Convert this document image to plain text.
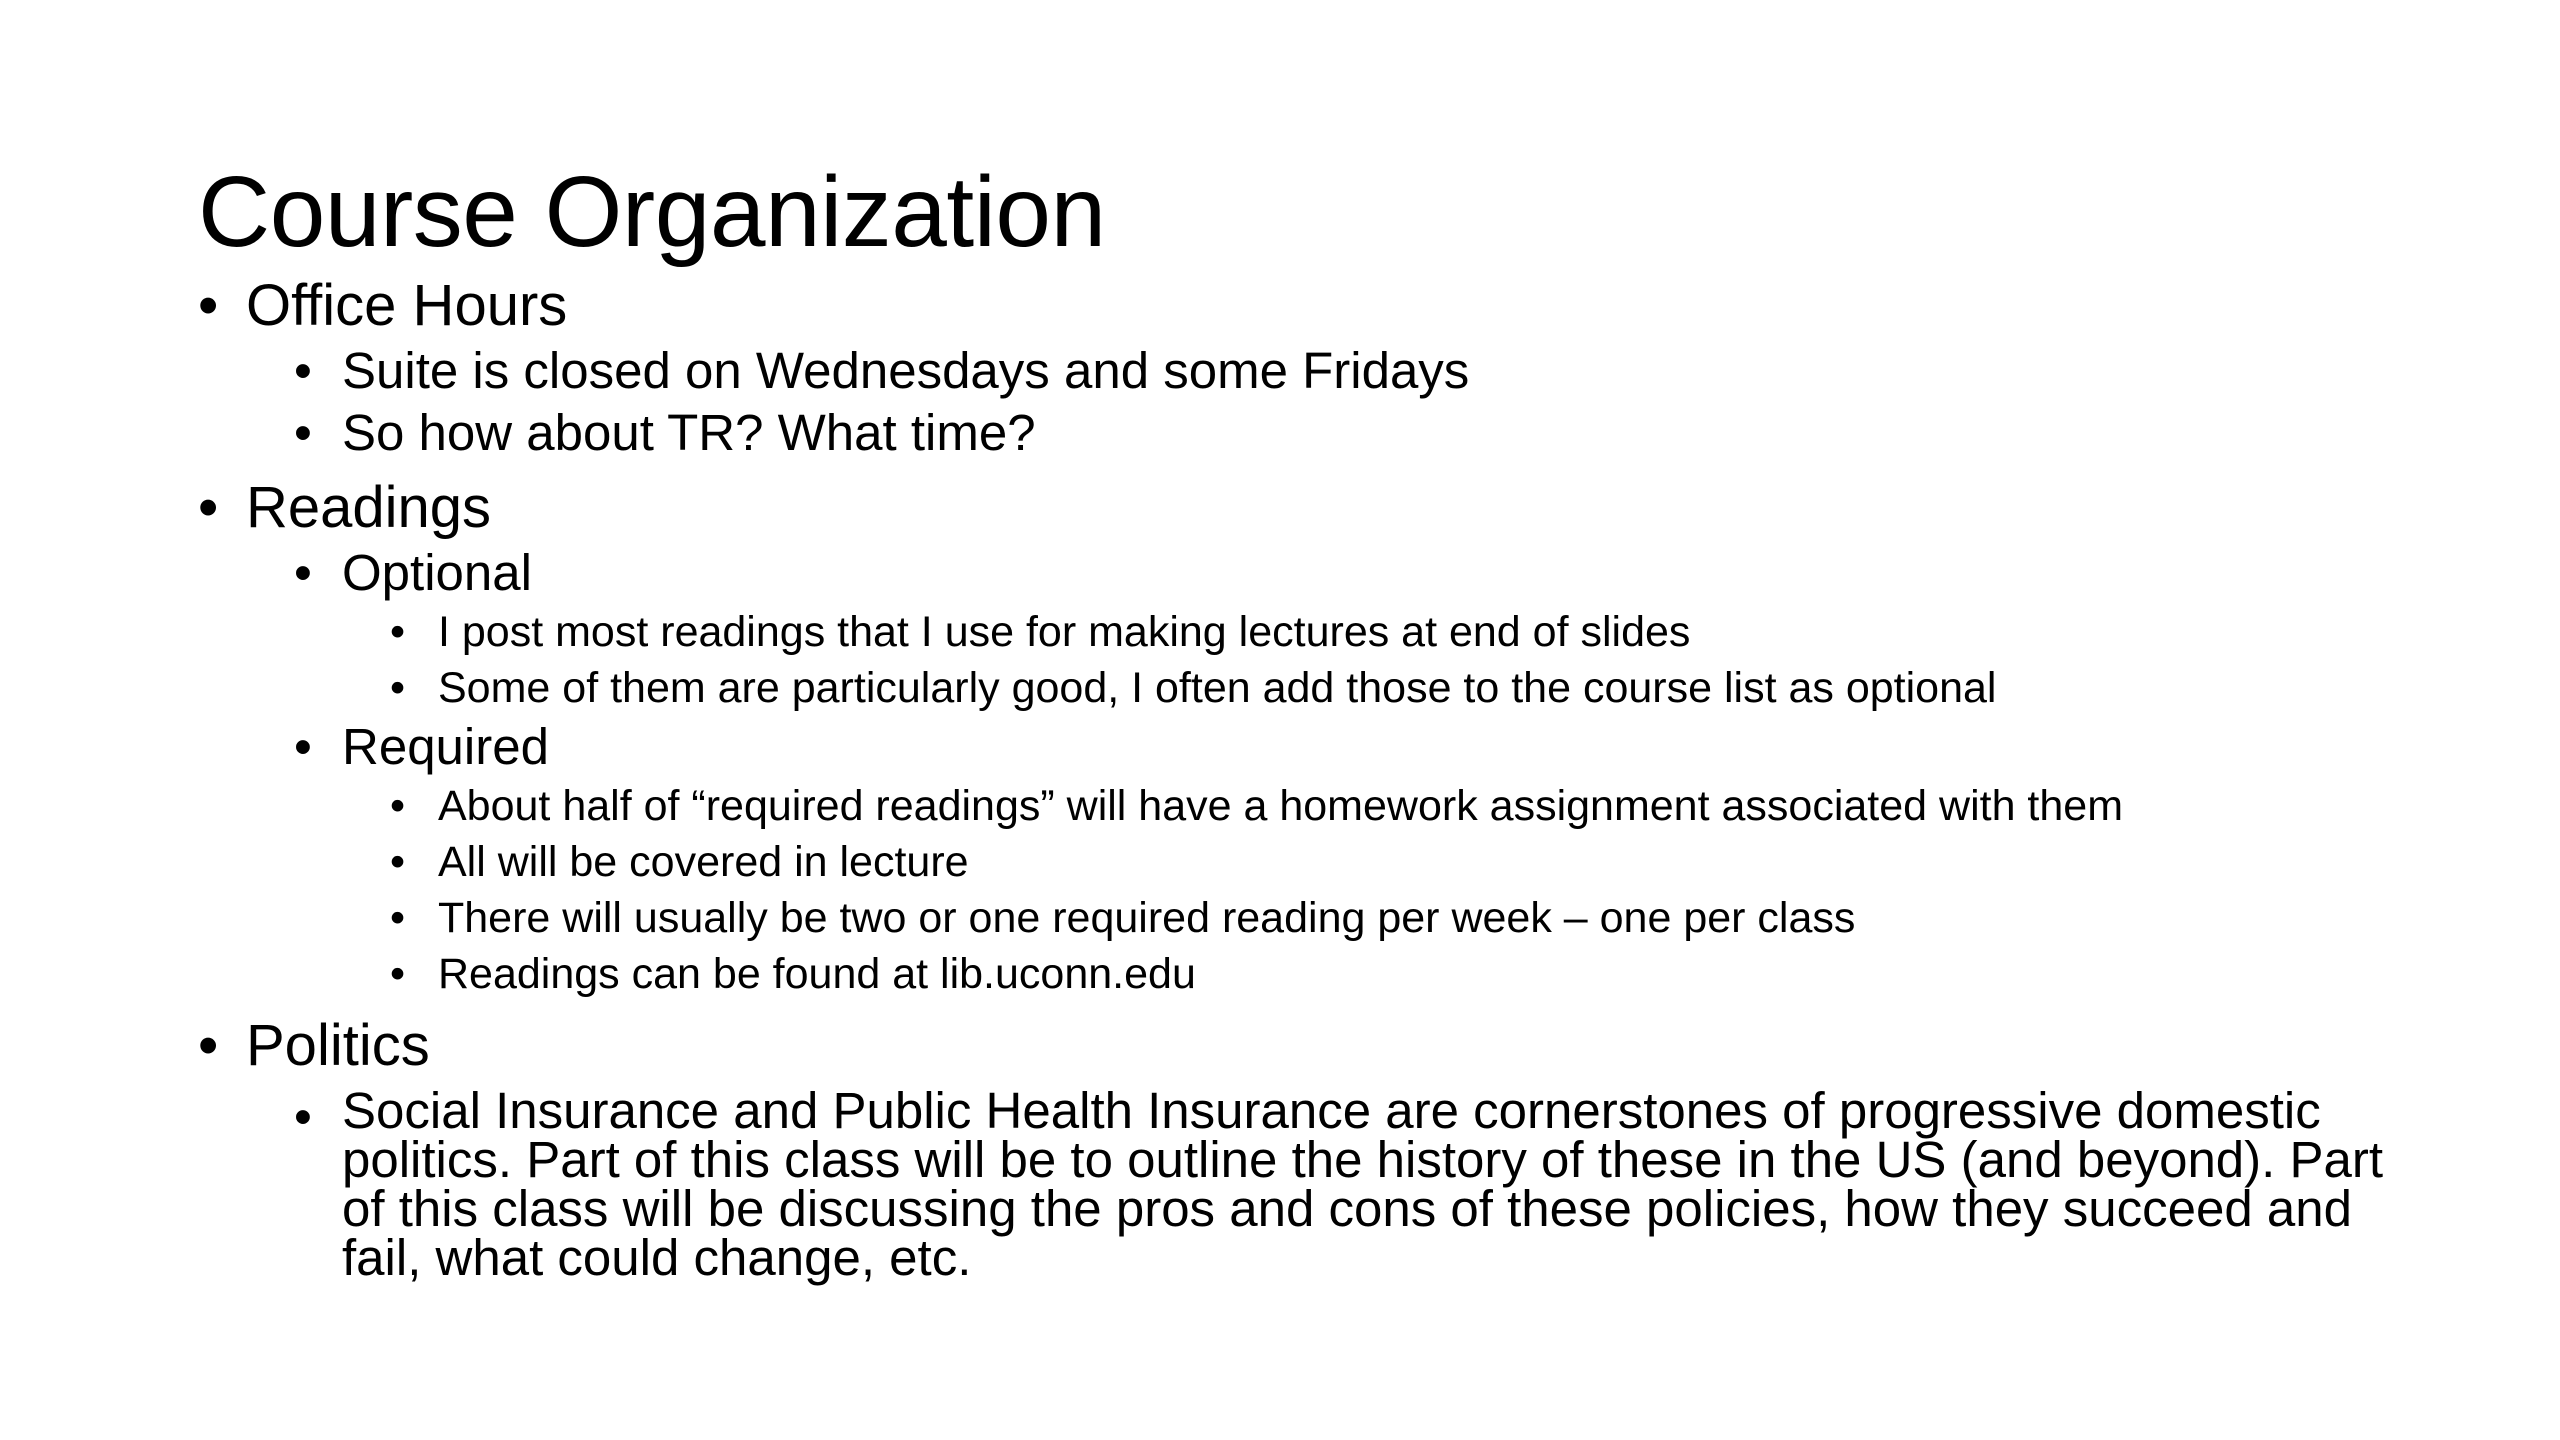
Course Organization
• Office Hours
• Suite is closed on Wednesdays and some Fridays
• So how about TR? What time?
• Readings
• Optional
• I post most readings that I use for making lectures at end of slides
• Some of them are particularly good, I often add those to the course list as optional
• Required
• About half of “required readings” will have a homework assignment associated with them
• All will be covered in lecture
• There will usually be two or one required reading per week – one per class
• Readings can be found at lib.uconn.edu
• Politics
• Social Insurance and Public Health Insurance are cornerstones of progressive domestic politics. Part of this class will be to outline the history of these in the US (and beyond). Part of this class will be discussing the pros and cons of these policies, how they succeed and fail, what could change, etc.
